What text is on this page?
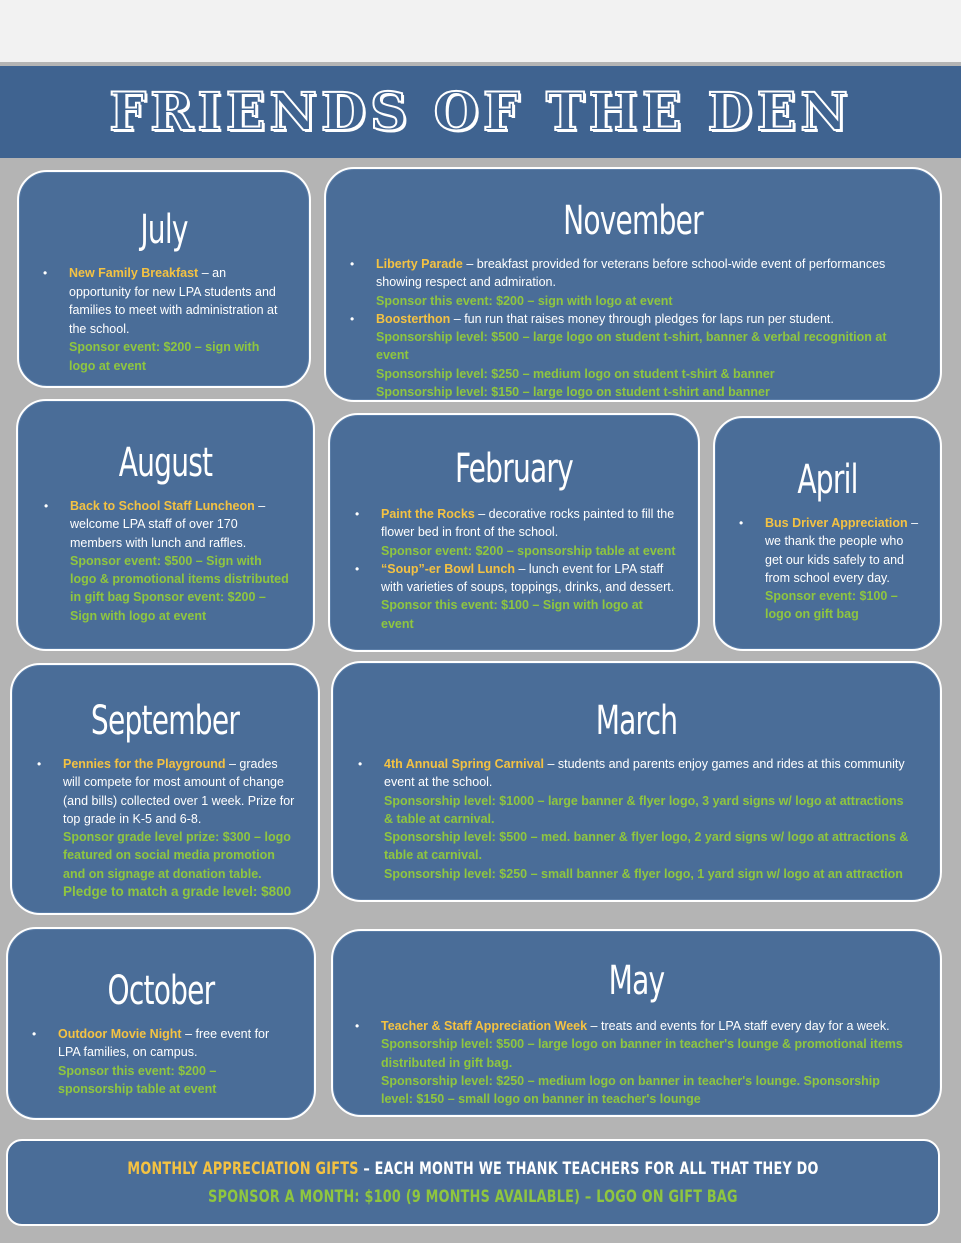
FRIENDS OF THE DEN
July
• New Family Breakfast – an opportunity for new LPA students and families to meet with administration at the school.
Sponsor event: $200 – sign with logo at event
November
• Liberty Parade – breakfast provided for veterans before school-wide event of performances showing respect and admiration.
Sponsor this event: $200 – sign with logo at event
• Boosterthon – fun run that raises money through pledges for laps run per student.
Sponsorship level: $500 – large logo on student t-shirt, banner & verbal recognition at event
Sponsorship level: $250 – medium logo on student t-shirt & banner
Sponsorship level: $150 – large logo on student t-shirt and banner
August
• Back to School Staff Luncheon – welcome LPA staff of over 170 members with lunch and raffles.
Sponsor event: $500 – Sign with logo & promotional items distributed in gift bag Sponsor event: $200 – Sign with logo at event
February
• Paint the Rocks – decorative rocks painted to fill the flower bed in front of the school.
Sponsor event: $200 – sponsorship table at event
• “Soup”-er Bowl Lunch – lunch event for LPA staff with varieties of soups, toppings, drinks, and dessert.
Sponsor this event: $100 – Sign with logo at event
April
• Bus Driver Appreciation – we thank the people who get our kids safely to and from school every day.
Sponsor event: $100 – logo on gift bag
September
• Pennies for the Playground – grades will compete for most amount of change (and bills) collected over 1 week. Prize for top grade in K-5 and 6-8.
Sponsor grade level prize: $300 – logo featured on social media promotion and on signage at donation table.
Pledge to match a grade level: $800
March
• 4th Annual Spring Carnival – students and parents enjoy games and rides at this community event at the school.
Sponsorship level: $1000 – large banner & flyer logo, 3 yard signs w/ logo at attractions & table at carnival.
Sponsorship level: $500 – med. banner & flyer logo, 2 yard signs w/ logo at attractions & table at carnival.
Sponsorship level: $250 – small banner & flyer logo, 1 yard sign w/ logo at an attraction
October
• Outdoor Movie Night – free event for LPA families, on campus.
Sponsor this event: $200 – sponsorship table at event
May
• Teacher & Staff Appreciation Week – treats and events for LPA staff every day for a week.
Sponsorship level: $500 – large logo on banner in teacher's lounge & promotional items distributed in gift bag.
Sponsorship level: $250 – medium logo on banner in teacher's lounge. Sponsorship level: $150 – small logo on banner in teacher's lounge
MONTHLY APPRECIATION GIFTS – EACH MONTH WE THANK TEACHERS FOR ALL THAT THEY DO
SPONSOR A MONTH: $100 (9 MONTHS AVAILABLE) – LOGO ON GIFT BAG
